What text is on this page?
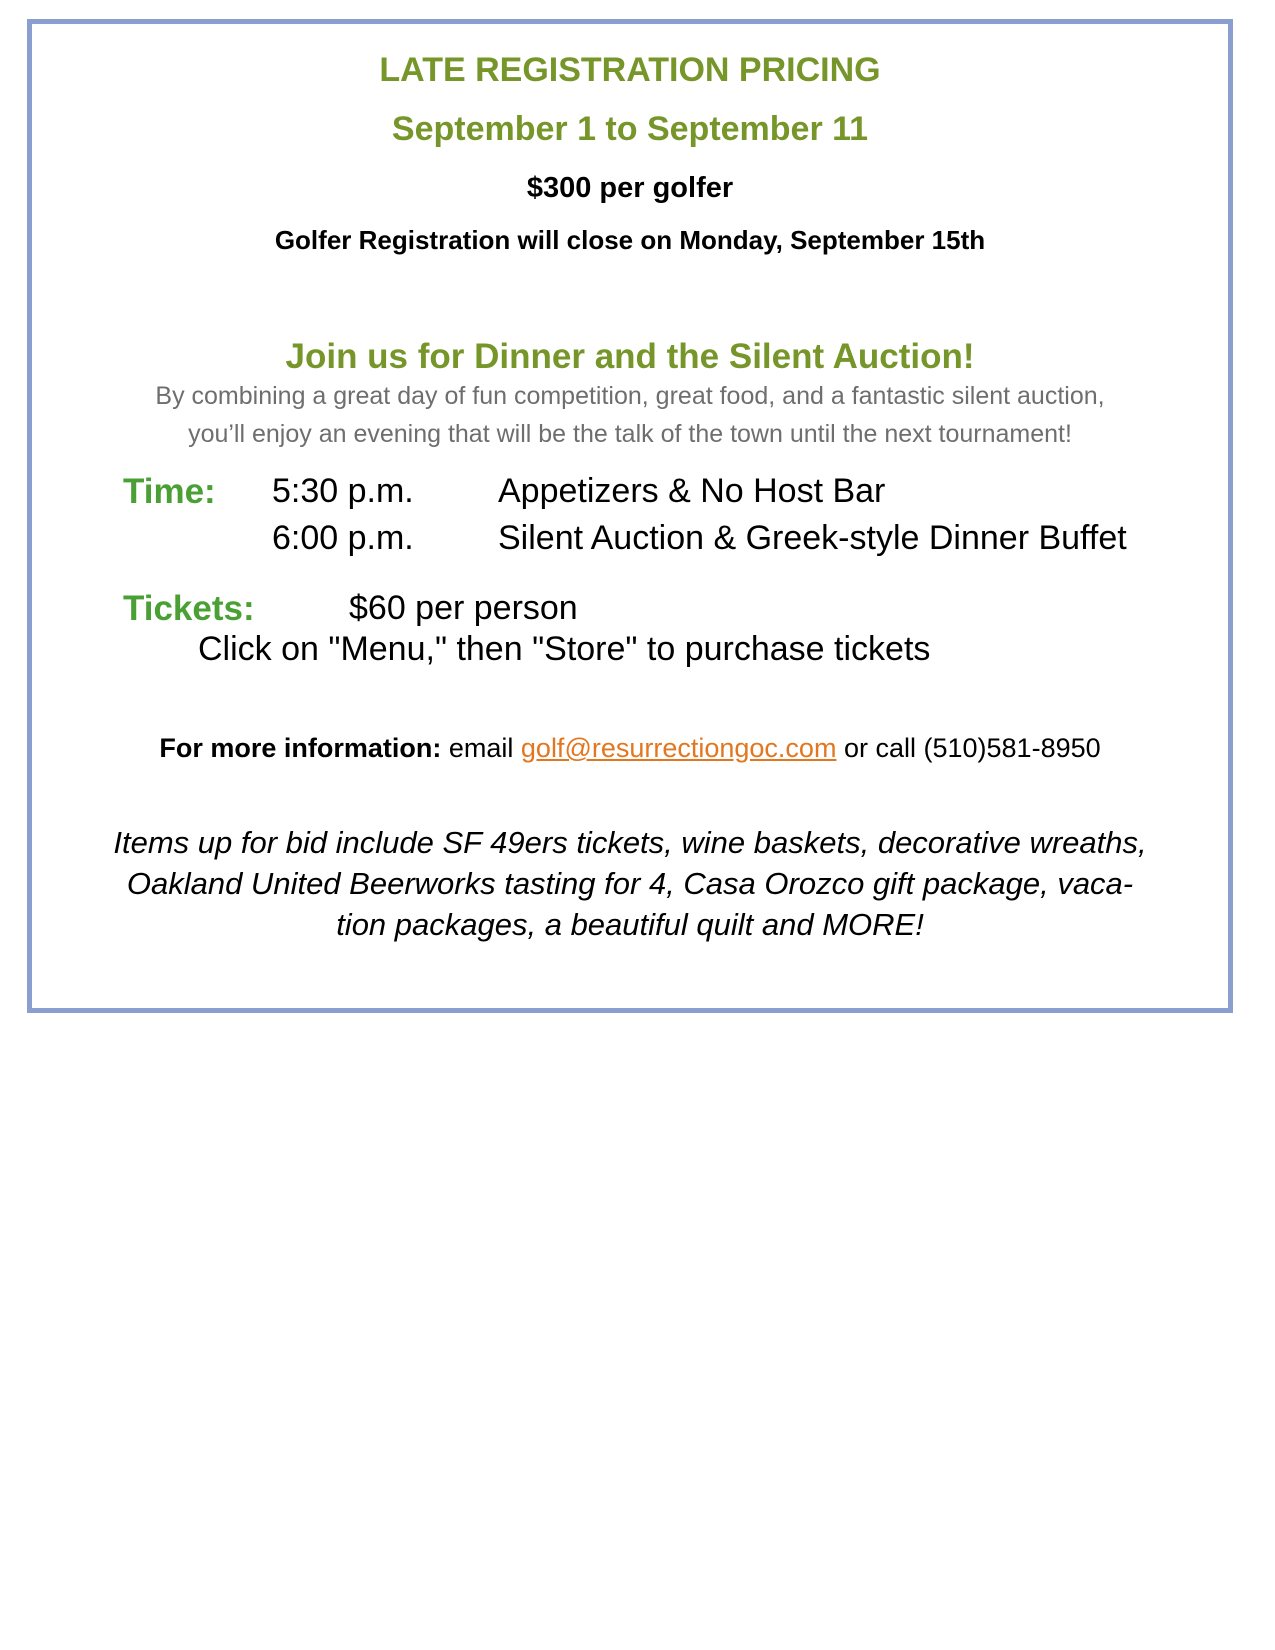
LATE REGISTRATION PRICING
September 1 to September 11
$300 per golfer
Golfer Registration will close on Monday, September 15th
Join us for Dinner and the Silent Auction!
By combining a great day of fun competition, great food, and a fantastic silent auction,
you’ll enjoy an evening that will be the talk of the town until the next tournament!
Time: 5:30 p.m. Appetizers & No Host Bar
6:00 p.m. Silent Auction & Greek-style Dinner Buffet
Tickets:	$60 per person
Click on "Menu," then "Store" to purchase tickets
For more information: email golf@resurrectiongoc.com or call (510)581-8950
Items up for bid include SF 49ers tickets, wine baskets, decorative wreaths,
Oakland United Beerworks tasting for 4, Casa Orozco gift package, vaca-
tion packages, a beautiful quilt and MORE!
